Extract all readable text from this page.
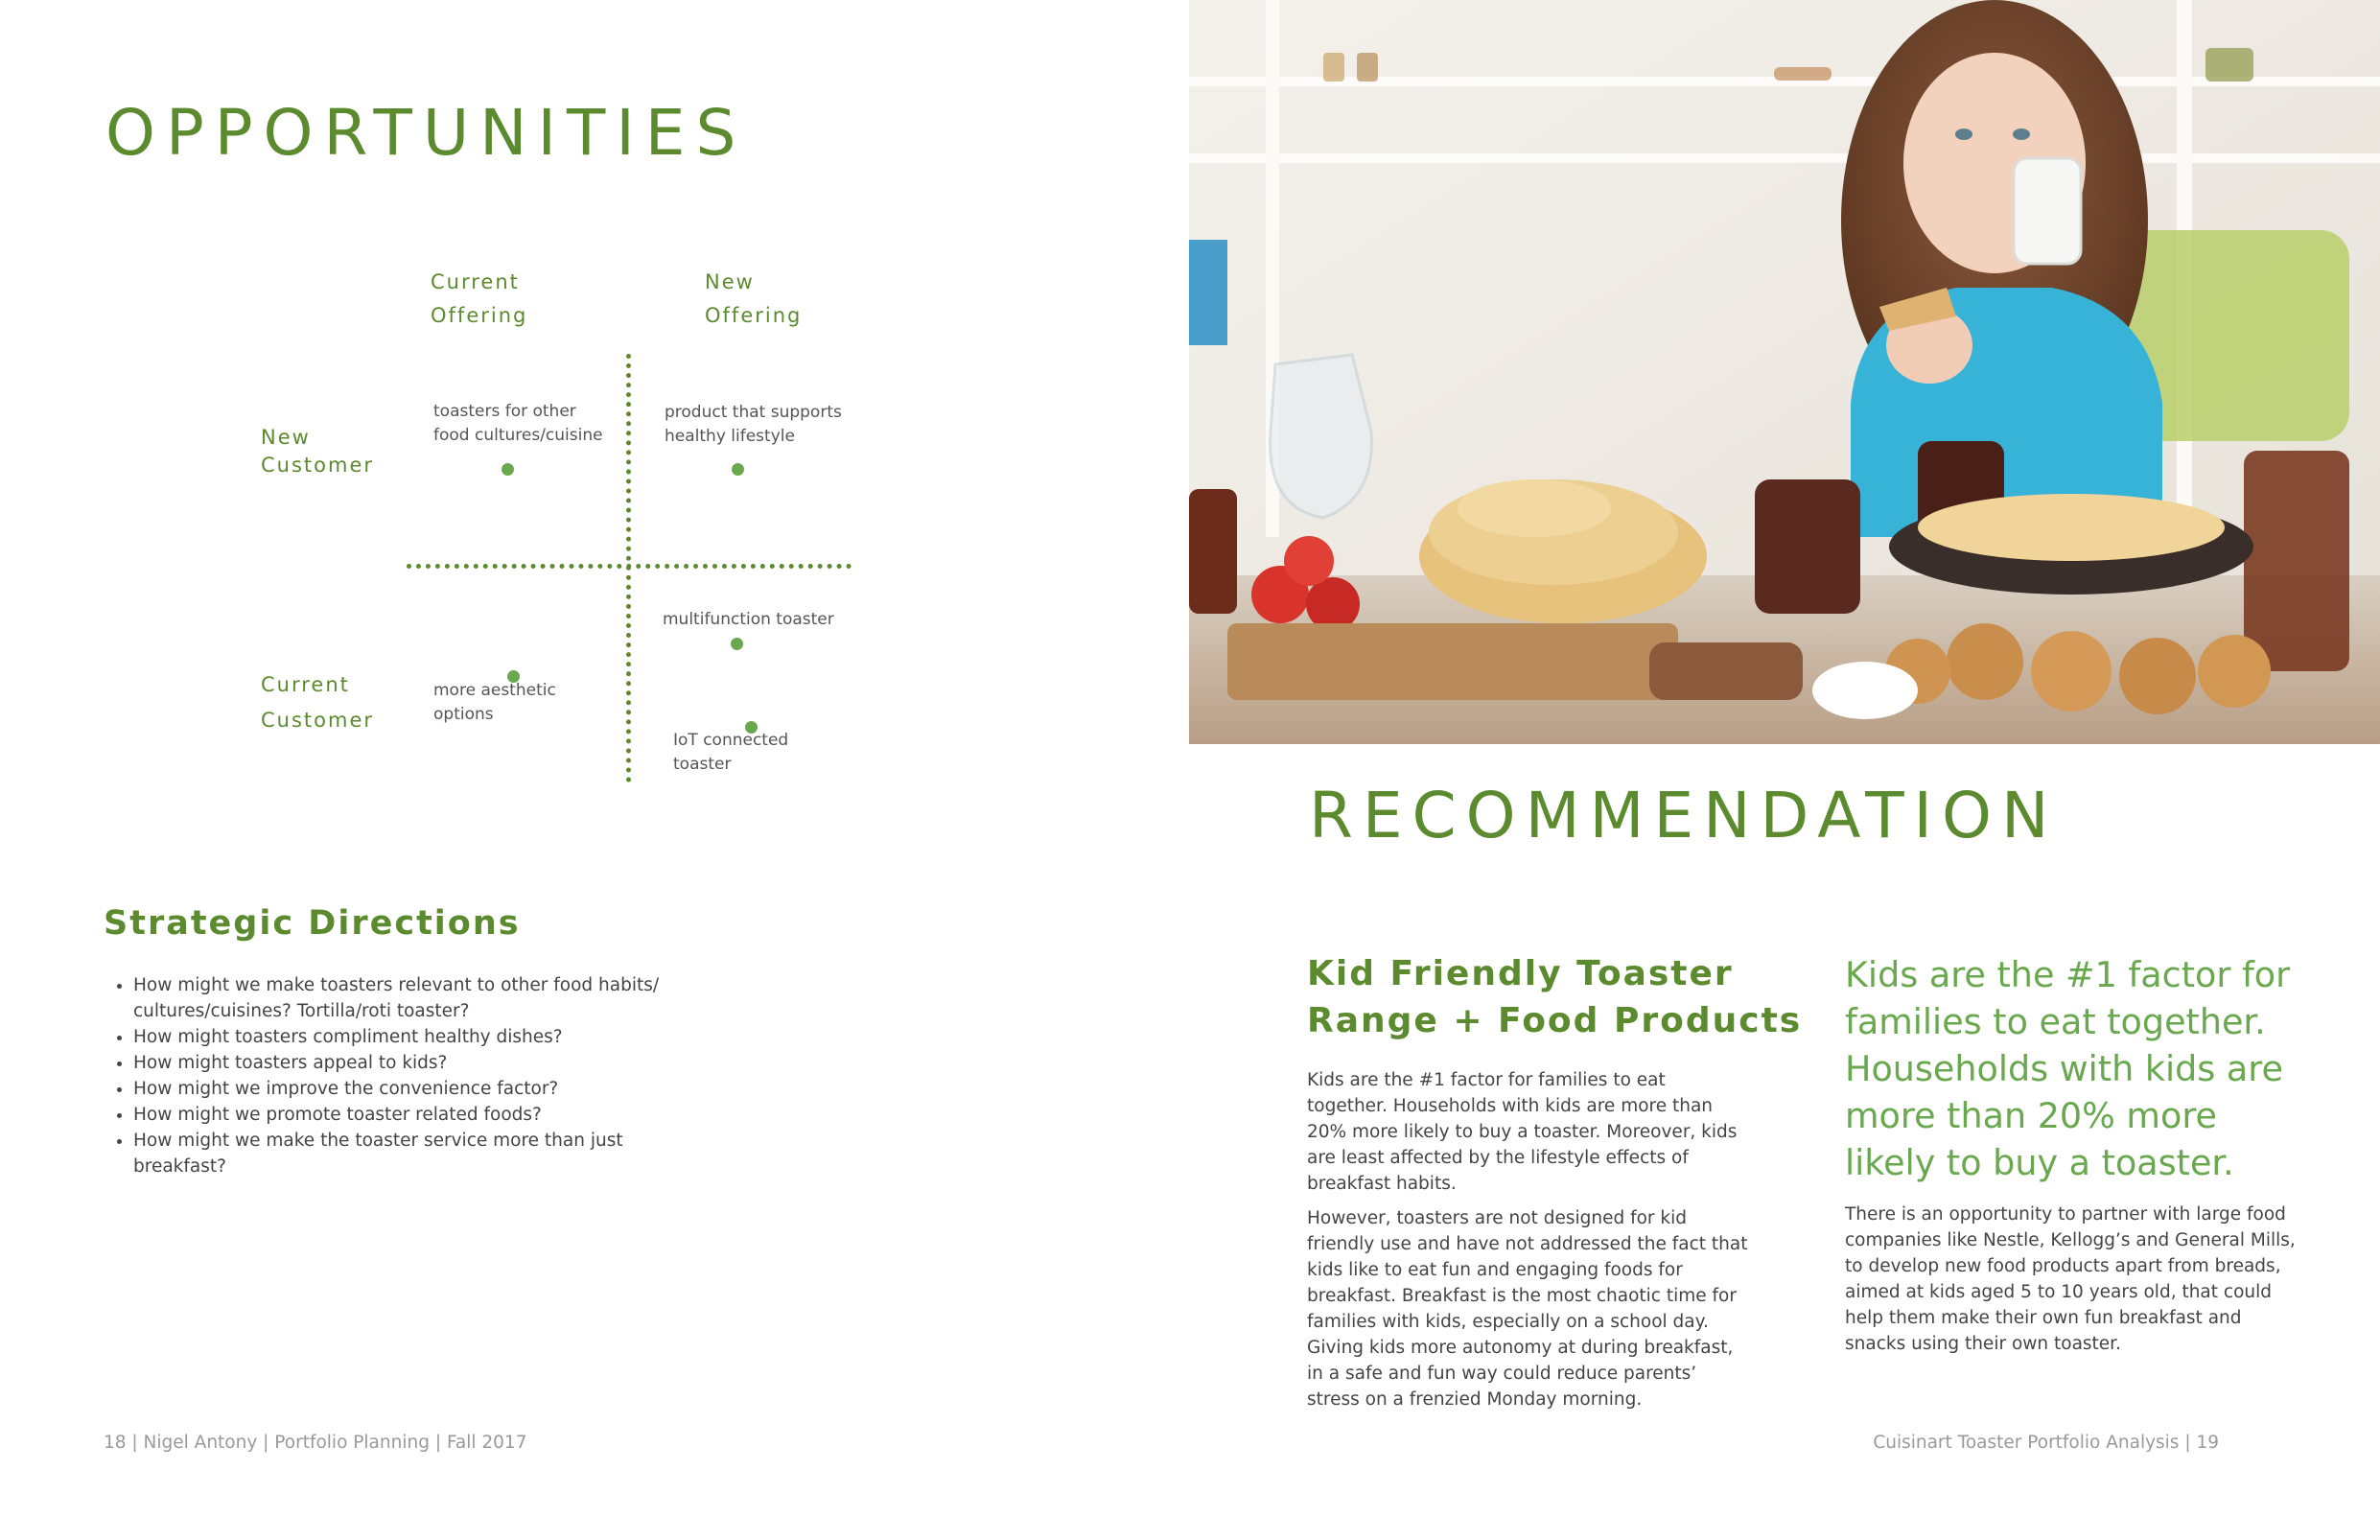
OPPORTUNITIES
Current
Offering
New
Offering
New
Customer
Current
Customer
toasters for other
food cultures/cuisine
product that supports
healthy lifestyle
multifunction toaster
more aesthetic
options
IoT connected
toaster
Strategic Directions
• How might we make toasters relevant to other food habits/ cultures/cuisines? Tortilla/roti toaster?
• How might toasters compliment healthy dishes?
• How might toasters appeal to kids?
• How might we improve the convenience factor?
• How might we promote toaster related foods?
• How might we make the toaster service more than just breakfast?
18 | Nigel Antony | Portfolio Planning | Fall 2017
RECOMMENDATION
Kid Friendly Toaster
Range + Food Products

Kids are the #1 factor for families to eat together. Households with kids are more than 20% more likely to buy a toaster. Moreover, kids are least affected by the lifestyle effects of breakfast habits.

However, toasters are not designed for kid friendly use and have not addressed the fact that kids like to eat fun and engaging foods for breakfast. Breakfast is the most chaotic time for families with kids, especially on a school day. Giving kids more autonomy at during breakfast, in a safe and fun way could reduce parents’ stress on a frenzied Monday morning.

Kids are the #1 factor for families to eat together. Households with kids are more than 20% more likely to buy a toaster.

There is an opportunity to partner with large food companies like Nestle, Kellogg’s and General Mills, to develop new food products apart from breads, aimed at kids aged 5 to 10 years old, that could help them make their own fun breakfast and snacks using their own toaster.

Cuisinart Toaster Portfolio Analysis | 19
